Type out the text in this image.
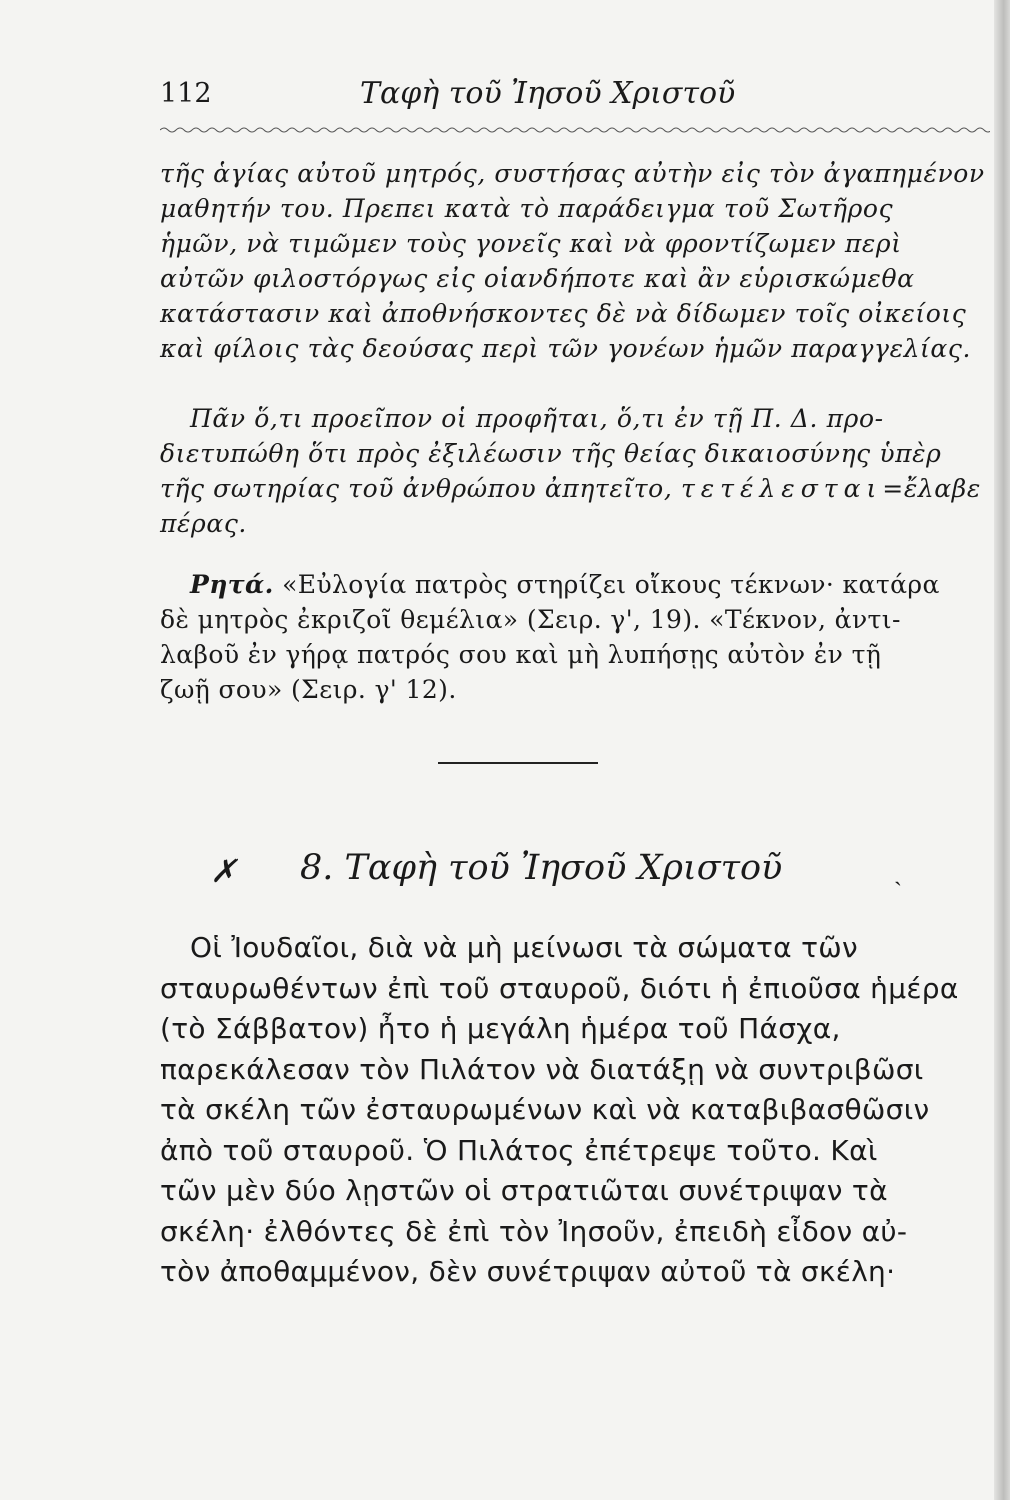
112	Ταφὴ τοῦ Ἰησοῦ Χριστοῦ
τῆς ἁγίας αὐτοῦ μητρός, συστήσας αὐτὴν εἰς τὸν ἀγαπημένον
μαθητήν του. Πρεπει κατὰ τὸ παράδειγμα τοῦ Σωτῆρος
ἡμῶν, νὰ τιμῶμεν τοὺς γονεῖς καὶ νὰ φροντίζωμεν περὶ
αὐτῶν φιλοστόργως εἰς οἱανδήποτε καὶ ἂν εὑρισκώμεθα
κατάστασιν καὶ ἀποθνήσκοντες δὲ νὰ δίδωμεν τοῖς οἰκείοις
καὶ φίλοις τὰς δεούσας περὶ τῶν γονέων ἡμῶν παραγγελίας.
Πᾶν ὅ,τι προεῖπον οἱ προφῆται, ὅ,τι ἐν τῇ Π. Δ. προ-
διετυπώθη ὅτι πρὸς ἐξιλέωσιν τῆς θείας δικαιοσύνης ὑπὲρ
τῆς σωτηρίας τοῦ ἀνθρώπου ἀπητεῖτο, τετέλεσται=ἔλαβε
πέρας.
Ρητά. «Εὐλογία πατρὸς στηρίζει οἴκους τέκνων· κατάρα
δὲ μητρὸς ἐκριζοῖ θεμέλια» (Σειρ. γ', 19). «Τέκνον, ἀντι-
λαβοῦ ἐν γήρᾳ πατρός σου καὶ μὴ λυπήσῃς αὐτὸν ἐν τῇ
ζωῇ σου» (Σειρ. γ' 12).
✗ 8. Ταφὴ τοῦ Ἰησοῦ Χριστοῦ	ˎ
Οἱ Ἰουδαῖοι, διὰ νὰ μὴ μείνωσι τὰ σώματα τῶν
σταυρωθέντων ἐπὶ τοῦ σταυροῦ, διότι ἡ ἐπιοῦσα ἡμέρα
(τὸ Σάββατον) ἦτο ἡ μεγάλη ἡμέρα τοῦ Πάσχα,
παρεκάλεσαν τὸν Πιλάτον νὰ διατάξῃ νὰ συντριβῶσι
τὰ σκέλη τῶν ἐσταυρωμένων καὶ νὰ καταβιβασθῶσιν
ἀπὸ τοῦ σταυροῦ. Ὁ Πιλάτος ἐπέτρεψε τοῦτο. Καὶ
τῶν μὲν δύο λῃστῶν οἱ στρατιῶται συνέτριψαν τὰ
σκέλη· ἐλθόντες δὲ ἐπὶ τὸν Ἰησοῦν, ἐπειδὴ εἶδον αὐ-
τὸν ἀποθαμμένον, δὲν συνέτριψαν αὐτοῦ τὰ σκέλη·
